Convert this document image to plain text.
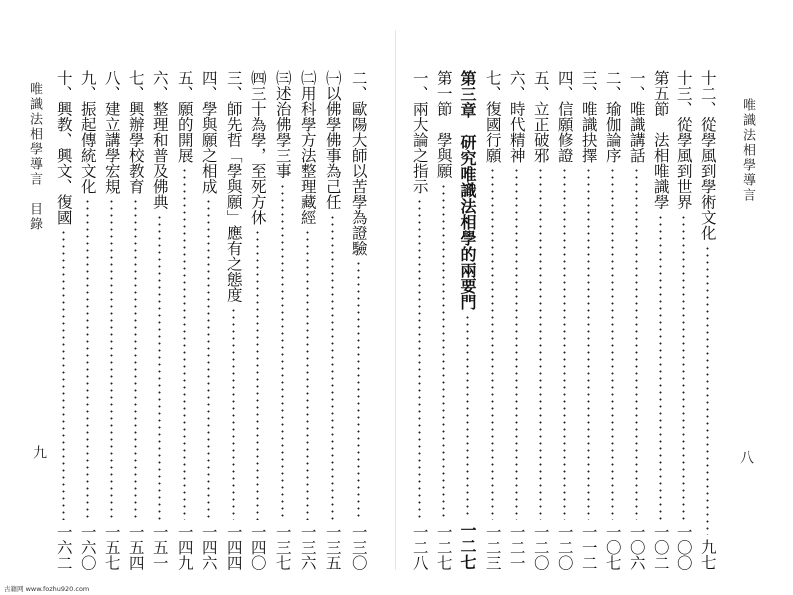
唯識法相學導言　目錄
九
二、歐陽大師以苦學為證驗
一三〇
㈠以佛學佛事為己任
一三五
㈡用科學方法整理藏經
一三六
㈢述治佛學三事
一三七
㈣三十為學，至死方休
一四〇
三、師先哲「學與願」應有之態度
一四四
四、學與願之相成
一四六
五、願的開展
一四九
六、整理和普及佛典
一五一
七、興辦學校教育
一五四
八、建立講學宏規
一五七
九、振起傳統文化
一六〇
十、興教、興文、復國
一六二
唯識法相學導言
八
十二、從學風到學術文化
九七
十三、從學風到世界
一〇〇
第五節　法相唯識學
一〇二
一、唯識講話
一〇六
二、瑜伽論序
一〇七
三、唯識抉擇
一一二
四、信願修證
一二〇
五、立正破邪
一二〇
六、時代精神
一二一
七、復國行願
一二三
第三章　研究唯識法相學的兩要門
一二七
第一節　學與願
一二七
一、兩大論之指示
一二八
古籍网 www.fozhu920.com
